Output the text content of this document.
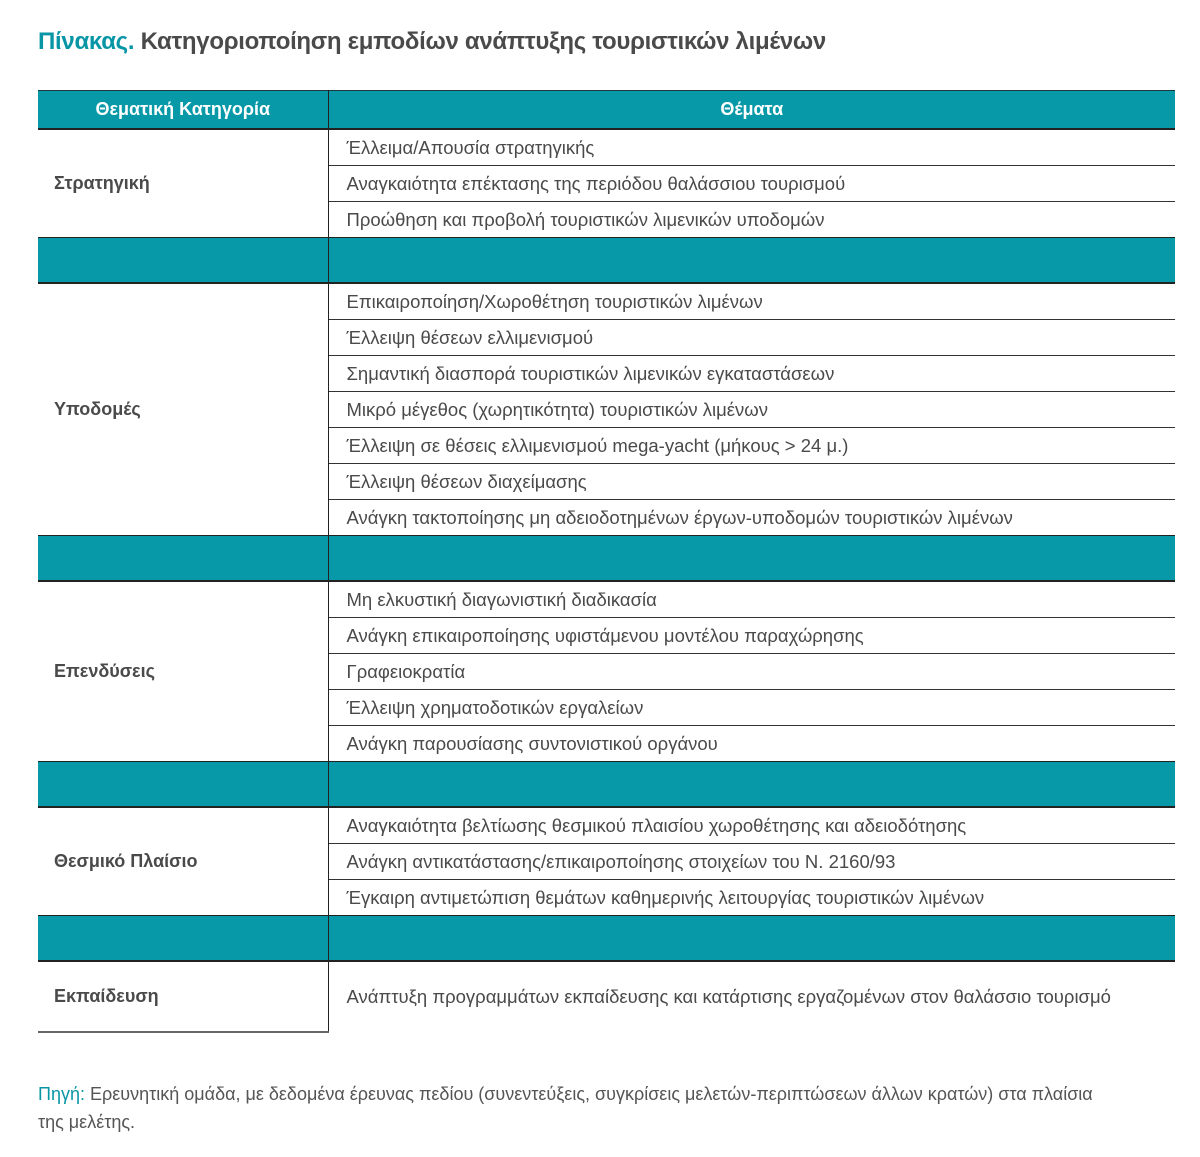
Πίνακας. Κατηγοριοποίηση εμποδίων ανάπτυξης τουριστικών λιμένων
Θεματική Κατηγορία	Θέματα
Στρατηγική	Έλλειμα/Απουσία στρατηγικής
	Αναγκαιότητα επέκτασης της περιόδου θαλάσσιου τουρισμού
	Προώθηση και προβολή τουριστικών λιμενικών υποδομών

Υποδομές	Επικαιροποίηση/Χωροθέτηση τουριστικών λιμένων
	Έλλειψη θέσεων ελλιμενισμού
	Σημαντική διασπορά τουριστικών λιμενικών εγκαταστάσεων
	Μικρό μέγεθος (χωρητικότητα) τουριστικών λιμένων
	Έλλειψη σε θέσεις ελλιμενισμού mega-yacht (μήκους > 24 μ.)
	Έλλειψη θέσεων διαχείμασης
	Ανάγκη τακτοποίησης μη αδειοδοτημένων έργων-υποδομών τουριστικών λιμένων

Επενδύσεις	Μη ελκυστική διαγωνιστική διαδικασία
	Ανάγκη επικαιροποίησης υφιστάμενου μοντέλου παραχώρησης
	Γραφειοκρατία
	Έλλειψη χρηματοδοτικών εργαλείων
	Ανάγκη παρουσίασης συντονιστικού οργάνου

Θεσμικό Πλαίσιο	Αναγκαιότητα βελτίωσης θεσμικού πλαισίου χωροθέτησης και αδειοδότησης
	Ανάγκη αντικατάστασης/επικαιροποίησης στοιχείων του Ν. 2160/93
	Έγκαιρη αντιμετώπιση θεμάτων καθημερινής λειτουργίας τουριστικών λιμένων

Εκπαίδευση	Ανάπτυξη προγραμμάτων εκπαίδευσης και κατάρτισης εργαζομένων στον θαλάσσιο τουρισμό
Πηγή: Ερευνητική ομάδα, με δεδομένα έρευνας πεδίου (συνεντεύξεις, συγκρίσεις μελετών-περιπτώσεων άλλων κρατών) στα πλαίσια της μελέτης.
